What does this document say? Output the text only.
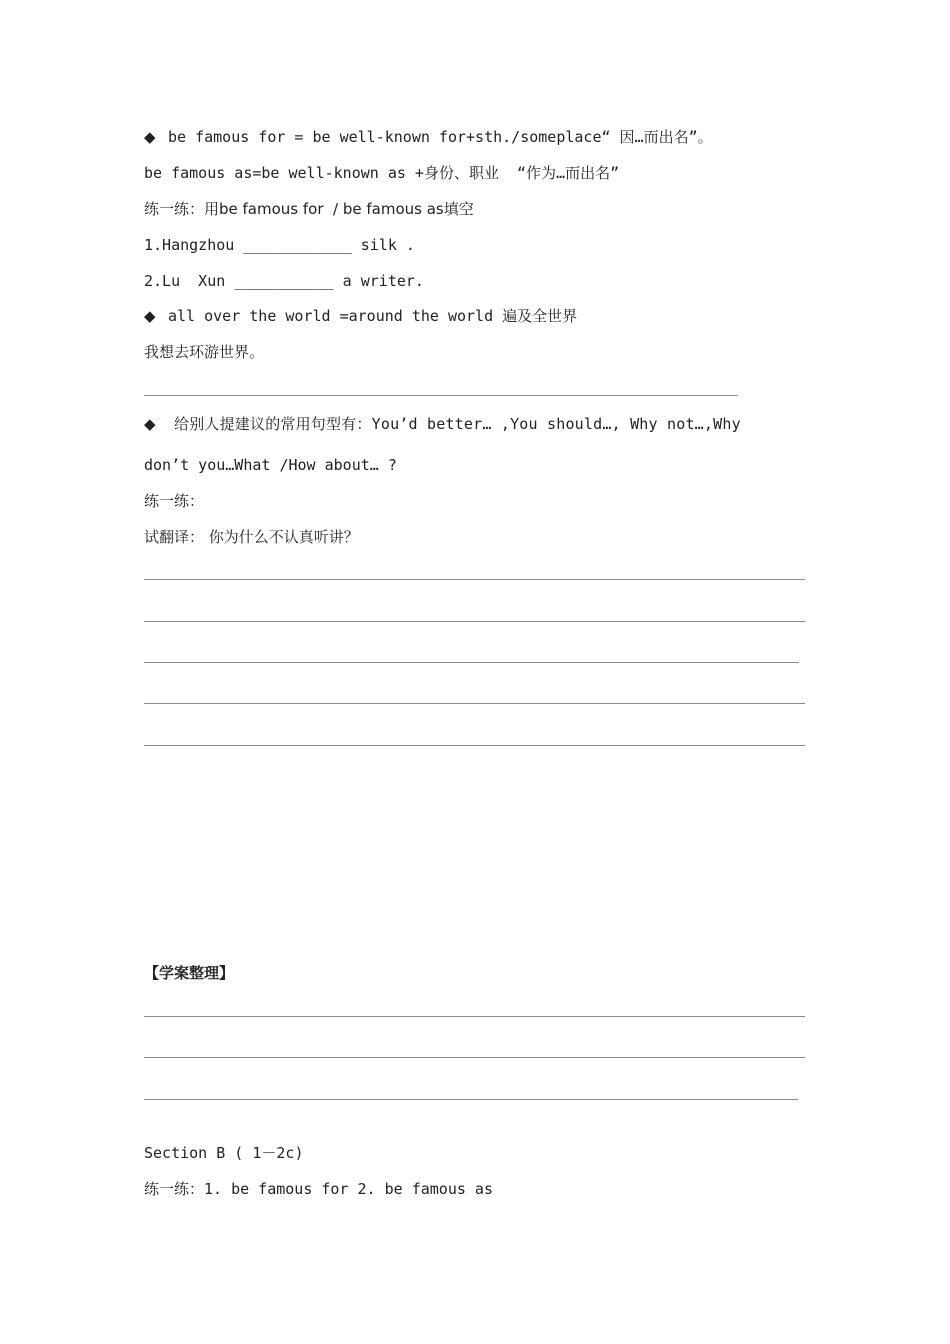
◆ be famous for = be well-known for+sth./someplace“ 因…而出名”。
be famous as=be well-known as +身份、职业  “作为…而出名”
练一练：用be famous for  / be famous as填空
1.Hangzhou ____________ silk .
2.Lu  Xun ___________ a writer.
◆ all over the world =around the world 遍及全世界
我想去环游世界。
◆ 给别人提建议的常用句型有：You’d better… ,You should…, Why not…,Why
don’t you…What /How about… ?
练一练：
试翻译： 你为什么不认真听讲？
【学案整理】
Section B ( 1－2c)
练一练：1. be famous for 2. be famous as
